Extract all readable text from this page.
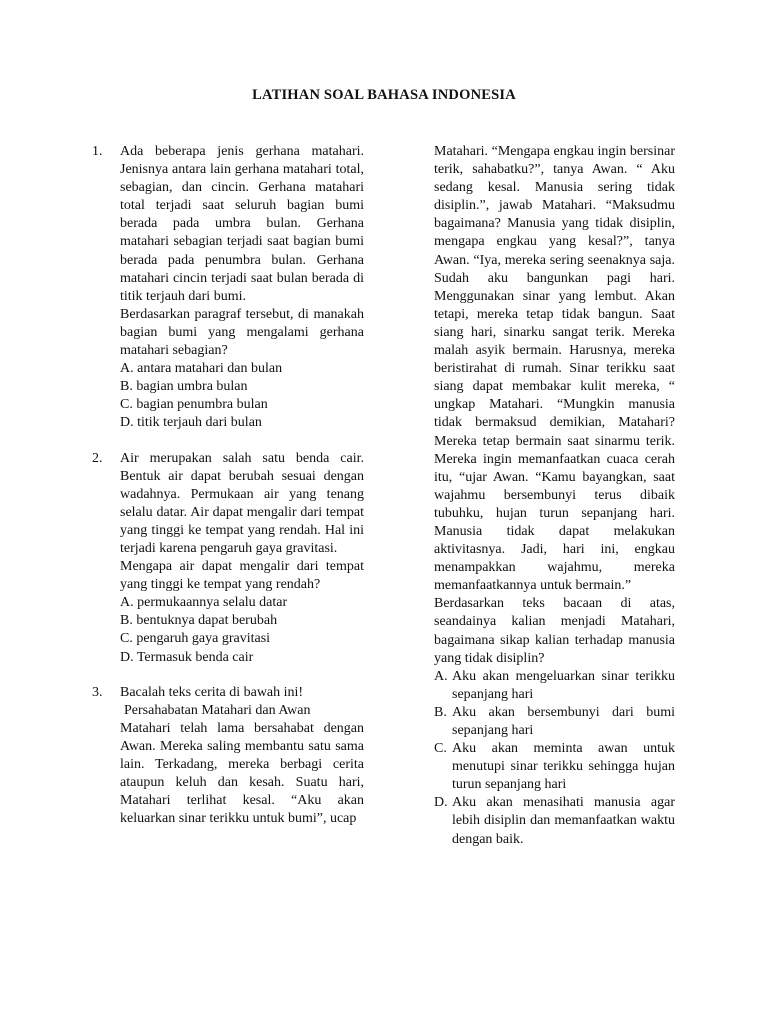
LATIHAN SOAL BAHASA INDONESIA
1. Ada beberapa jenis gerhana matahari. Jenisnya antara lain gerhana matahari total, sebagian, dan cincin. Gerhana matahari total terjadi saat seluruh bagian bumi berada pada umbra bulan. Gerhana matahari sebagian terjadi saat bagian bumi berada pada penumbra bulan. Gerhana matahari cincin terjadi saat bulan berada di titik terjauh dari bumi.
Berdasarkan paragraf tersebut, di manakah bagian bumi yang mengalami gerhana matahari sebagian?
A. antara matahari dan bulan
B. bagian umbra bulan
C. bagian penumbra bulan
D. titik terjauh dari bulan
2. Air merupakan salah satu benda cair. Bentuk air dapat berubah sesuai dengan wadahnya. Permukaan air yang tenang selalu datar. Air dapat mengalir dari tempat yang tinggi ke tempat yang rendah. Hal ini terjadi karena pengaruh gaya gravitasi.
Mengapa air dapat mengalir dari tempat yang tinggi ke tempat yang rendah?
A. permukaannya selalu datar
B. bentuknya dapat berubah
C. pengaruh gaya gravitasi
D. Termasuk benda cair
3. Bacalah teks cerita di bawah ini!
Persahabatan Matahari dan Awan
Matahari telah lama bersahabat dengan Awan. Mereka saling membantu satu sama lain. Terkadang, mereka berbagi cerita ataupun keluh dan kesah. Suatu hari, Matahari terlihat kesal. “Aku akan keluarkan sinar terikku untuk bumi”, ucap
Matahari. “Mengapa engkau ingin bersinar terik, sahabatku?”, tanya Awan. “ Aku sedang kesal. Manusia sering tidak disiplin.”, jawab Matahari. “Maksudmu bagaimana? Manusia yang tidak disiplin, mengapa engkau yang kesal?”, tanya Awan. “Iya, mereka sering seenaknya saja. Sudah aku bangunkan pagi hari. Menggunakan sinar yang lembut. Akan tetapi, mereka tetap tidak bangun. Saat siang hari, sinarku sangat terik. Mereka malah asyik bermain. Harusnya, mereka beristirahat di rumah. Sinar terikku saat siang dapat membakar kulit mereka, “ ungkap Matahari. “Mungkin manusia tidak bermaksud demikian, Matahari? Mereka tetap bermain saat sinarmu terik. Mereka ingin memanfaatkan cuaca cerah itu, “ujar Awan. “Kamu bayangkan, saat wajahmu bersembunyi terus dibaik tubuhku, hujan turun sepanjang hari. Manusia tidak dapat melakukan aktivitasnya. Jadi, hari ini, engkau menampakkan wajahmu, mereka memanfaatkannya untuk bermain.”
Berdasarkan teks bacaan di atas, seandainya kalian menjadi Matahari, bagaimana sikap kalian terhadap manusia yang tidak disiplin?
A. Aku akan mengeluarkan sinar terikku sepanjang hari
B. Aku akan bersembunyi dari bumi sepanjang hari
C. Aku akan meminta awan untuk menutupi sinar terikku sehingga hujan turun sepanjang hari
D. Aku akan menasihati manusia agar lebih disiplin dan memanfaatkan waktu dengan baik.
